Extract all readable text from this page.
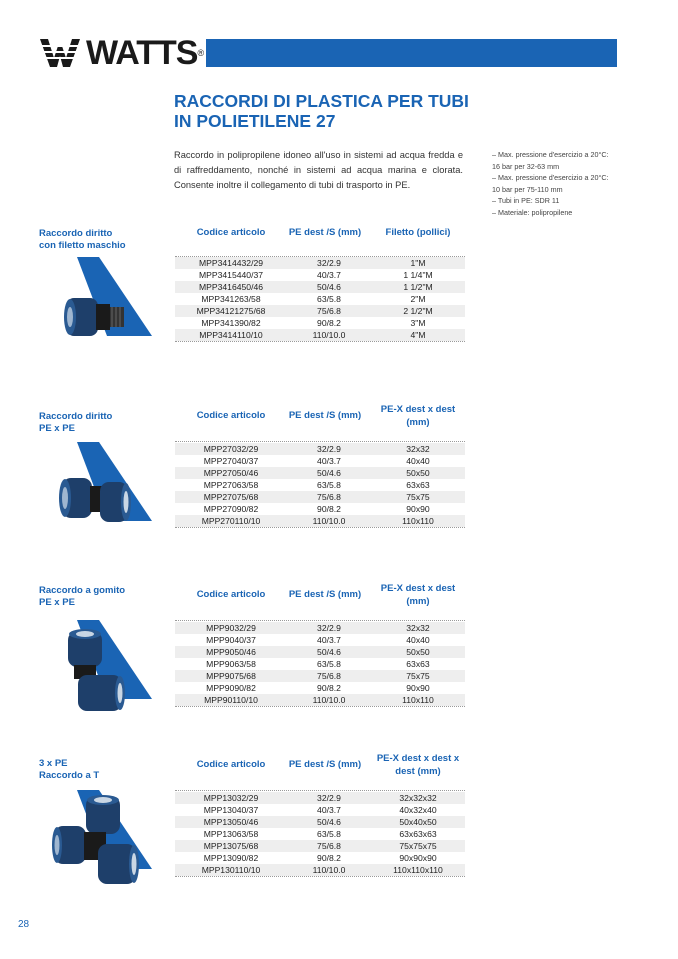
WATTS ®
RACCORDI DI PLASTICA PER TUBI
IN POLIETILENE 27
Raccordo in polipropilene idoneo all'uso in sistemi ad acqua fredda e di raffreddamento, nonché in sistemi ad acqua marina e clorata. Consente inoltre il collegamento di tubi di trasporto in PE.
– Max. pressione d'esercizio a 20°C:
16 bar per 32-63 mm
– Max. pressione d'esercizio a 20°C:
10 bar per 75-110 mm
– Tubi in PE: SDR 11
– Materiale: polipropilene
Raccordo diritto
con filetto maschio
Codice articolo	PE dest /S (mm)	Filetto (pollici)
MPP3414432/29	32/2.9	1"M
MPP3415440/37	40/3.7	1 1/4"M
MPP3416450/46	50/4.6	1 1/2"M
MPP341263/58	63/5.8	2"M
MPP34121275/68	75/6.8	2 1/2"M
MPP341390/82	90/8.2	3"M
MPP3414110/10	110/10.0	4"M
Raccordo diritto
PE x PE
Codice articolo	PE dest /S (mm)
PE-X dest x dest (mm)
MPP27032/29	32/2.9	32x32
MPP27040/37	40/3.7	40x40
MPP27050/46	50/4.6	50x50
MPP27063/58	63/5.8	63x63
MPP27075/68	75/6.8	75x75
MPP27090/82	90/8.2	90x90
MPP270110/10	110/10.0	110x110
Raccordo a gomito
PE x PE
Codice articolo	PE dest /S (mm)
PE-X dest x dest (mm)
MPP9032/29	32/2.9	32x32
MPP9040/37	40/3.7	40x40
MPP9050/46	50/4.6	50x50
MPP9063/58	63/5.8	63x63
MPP9075/68	75/6.8	75x75
MPP9090/82	90/8.2	90x90
MPP90110/10	110/10.0	110x110
3 x PE
Raccordo a T
Codice articolo	PE dest /S (mm)
PE-X dest x dest x dest (mm)
MPP13032/29	32/2.9	32x32x32
MPP13040/37	40/3.7	40x32x40
MPP13050/46	50/4.6	50x40x50
MPP13063/58	63/5.8	63x63x63
MPP13075/68	75/6.8	75x75x75
MPP13090/82	90/8.2	90x90x90
MPP130110/10	110/10.0	110x110x110
28
